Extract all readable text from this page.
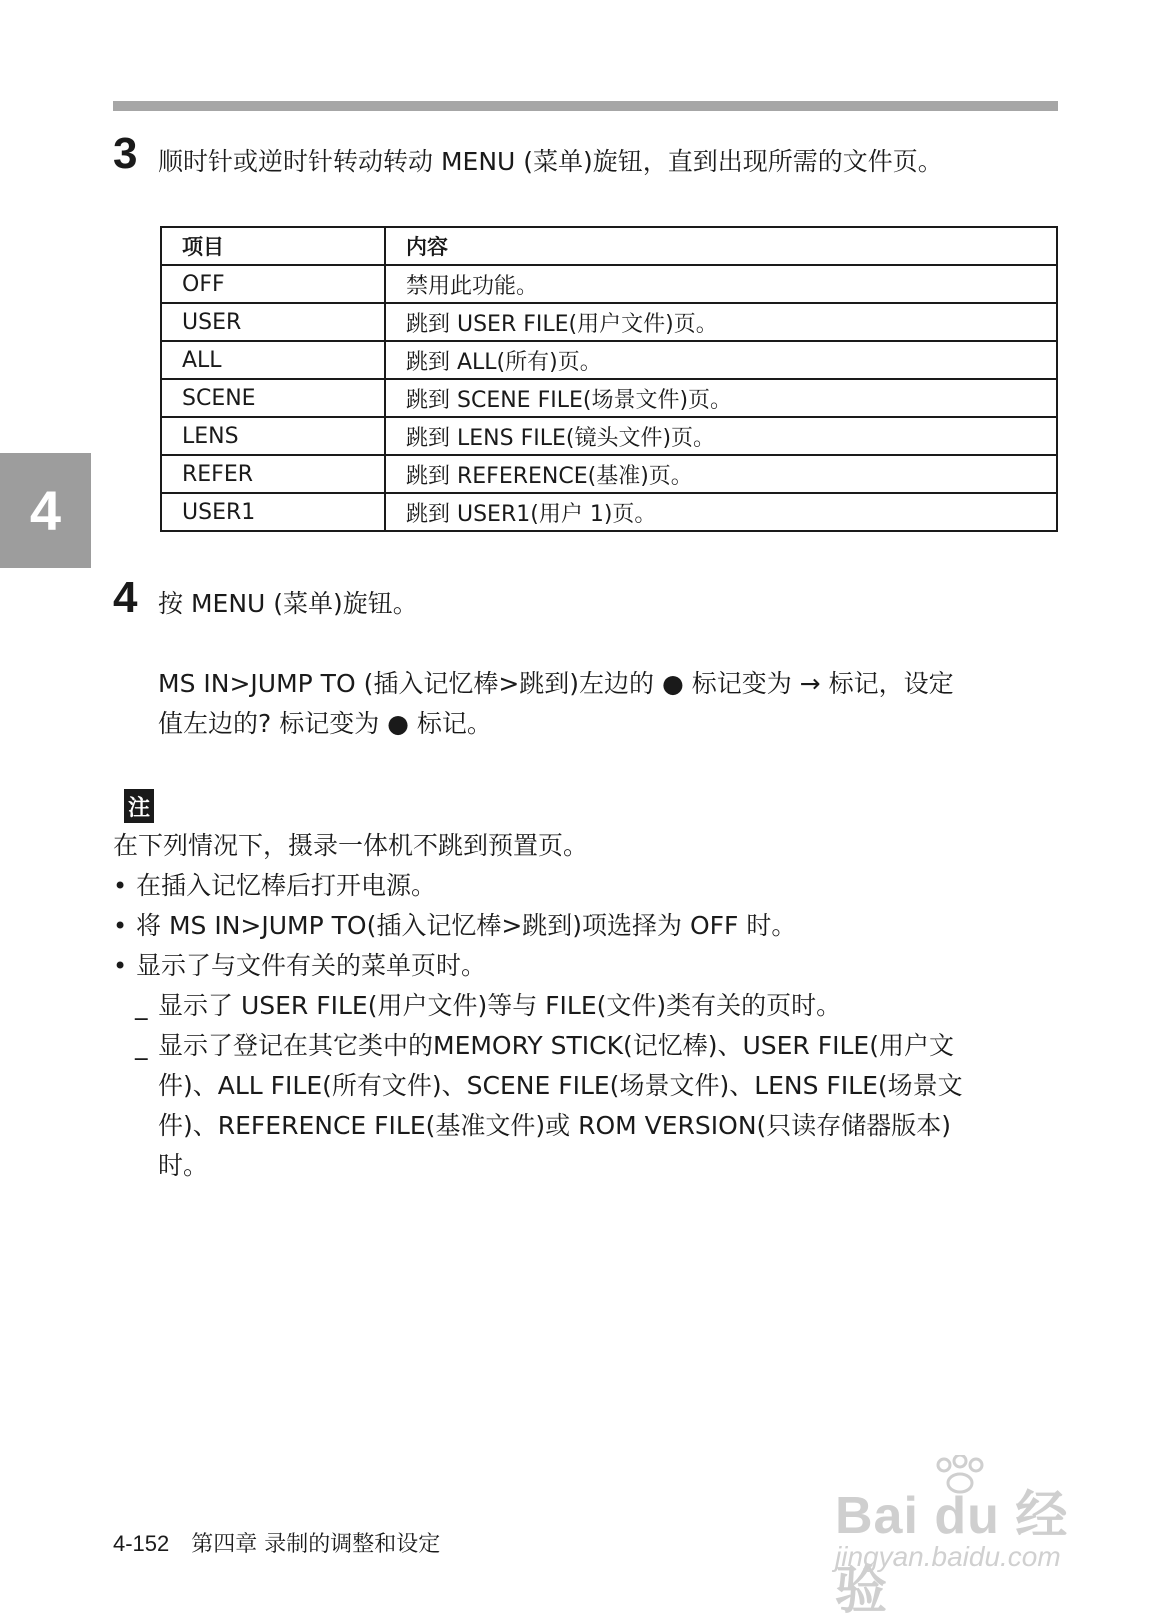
3 顺时针或逆时针转动转动 MENU (菜单)旋钮，直到出现所需的文件页。
项目	内容
OFF	禁用此功能。
USER	跳到 USER FILE(用户文件)页。
ALL	跳到 ALL(所有)页。
SCENE	跳到 SCENE FILE(场景文件)页。
LENS	跳到 LENS FILE(镜头文件)页。
REFER	跳到 REFERENCE(基准)页。
USER1	跳到 USER1(用户 1)页。
4
4 按 MENU (菜单)旋钮。
MS IN>JUMP TO (插入记忆棒>跳到)左边的 ● 标记变为 → 标记，设定
值左边的? 标记变为 ● 标记。
注
在下列情况下，摄录一体机不跳到预置页。
• 在插入记忆棒后打开电源。
• 将 MS IN>JUMP TO(插入记忆棒>跳到)项选择为 OFF 时。
• 显示了与文件有关的菜单页时。
_ 显示了 USER FILE(用户文件)等与 FILE(文件)类有关的页时。
_ 显示了登记在其它类中的MEMORY STICK(记忆棒)、USER FILE(用户文
件)、ALL FILE(所有文件)、SCENE FILE(场景文件)、LENS FILE(场景文
件)、REFERENCE FILE(基准文件)或 ROM VERSION(只读存储器版本)
时。
4-152 第四章 录制的调整和设定	Bai du 经验
jingyan.baidu.com
